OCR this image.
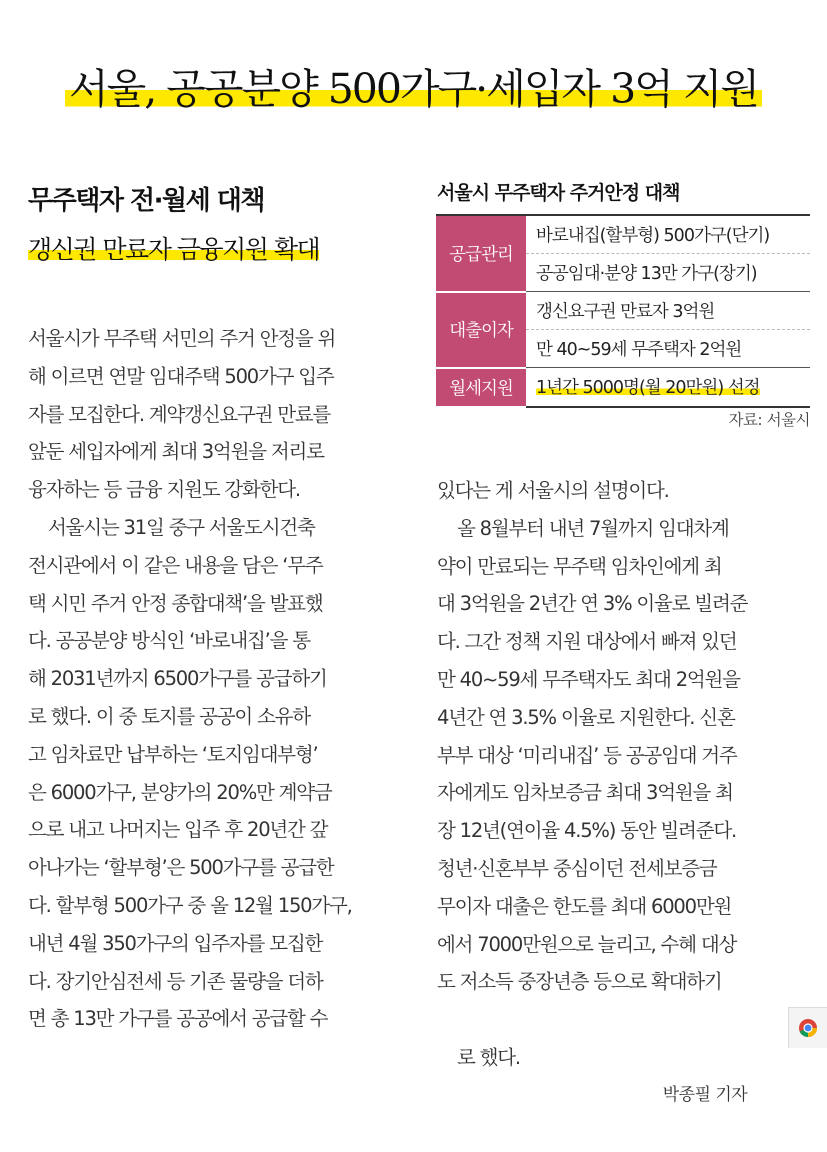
서울, 공공분양 500가구·세입자 3억 지원
무주택자 전·월세 대책
갱신권 만료자 금융지원 확대
서울시 무주택자 주거안정 대책
공급관리	바로내집(할부형) 500가구(단기)
	공공임대·분양 13만 가구(장기)
대출이자	갱신요구권 만료자 3억원
	만 40~59세 무주택자 2억원
월세지원	1년간 5000명(월 20만원) 선정
자료: 서울시
서울시가 무주택 서민의 주거 안정을 위
해 이르면 연말 임대주택 500가구 입주
자를 모집한다. 계약갱신요구권 만료를
앞둔 세입자에게 최대 3억원을 저리로
융자하는 등 금융 지원도 강화한다.
서울시는 31일 중구 서울도시건축
전시관에서 이 같은 내용을 담은 ‘무주
택 시민 주거 안정 종합대책’을 발표했
다. 공공분양 방식인 ‘바로내집’을 통
해 2031년까지 6500가구를 공급하기
로 했다. 이 중 토지를 공공이 소유하
고 임차료만 납부하는 ‘토지임대부형’
은 6000가구, 분양가의 20%만 계약금
으로 내고 나머지는 입주 후 20년간 갚
아나가는 ‘할부형’은 500가구를 공급한
다. 할부형 500가구 중 올 12월 150가구,
내년 4월 350가구의 입주자를 모집한
다. 장기안심전세 등 기존 물량을 더하
면 총 13만 가구를 공공에서 공급할 수
있다는 게 서울시의 설명이다.
올 8월부터 내년 7월까지 임대차계
약이 만료되는 무주택 임차인에게 최
대 3억원을 2년간 연 3% 이율로 빌려준
다. 그간 정책 지원 대상에서 빠져 있던
만 40~59세 무주택자도 최대 2억원을
4년간 연 3.5% 이율로 지원한다. 신혼
부부 대상 ‘미리내집’ 등 공공임대 거주
자에게도 임차보증금 최대 3억원을 최
장 12년(연이율 4.5%) 동안 빌려준다.
청년·신혼부부 중심이던 전세보증금
무이자 대출은 한도를 최대 6000만원
에서 7000만원으로 늘리고, 수혜 대상
도 저소득 중장년층 등으로 확대하기

로 했다.

박종필 기자
